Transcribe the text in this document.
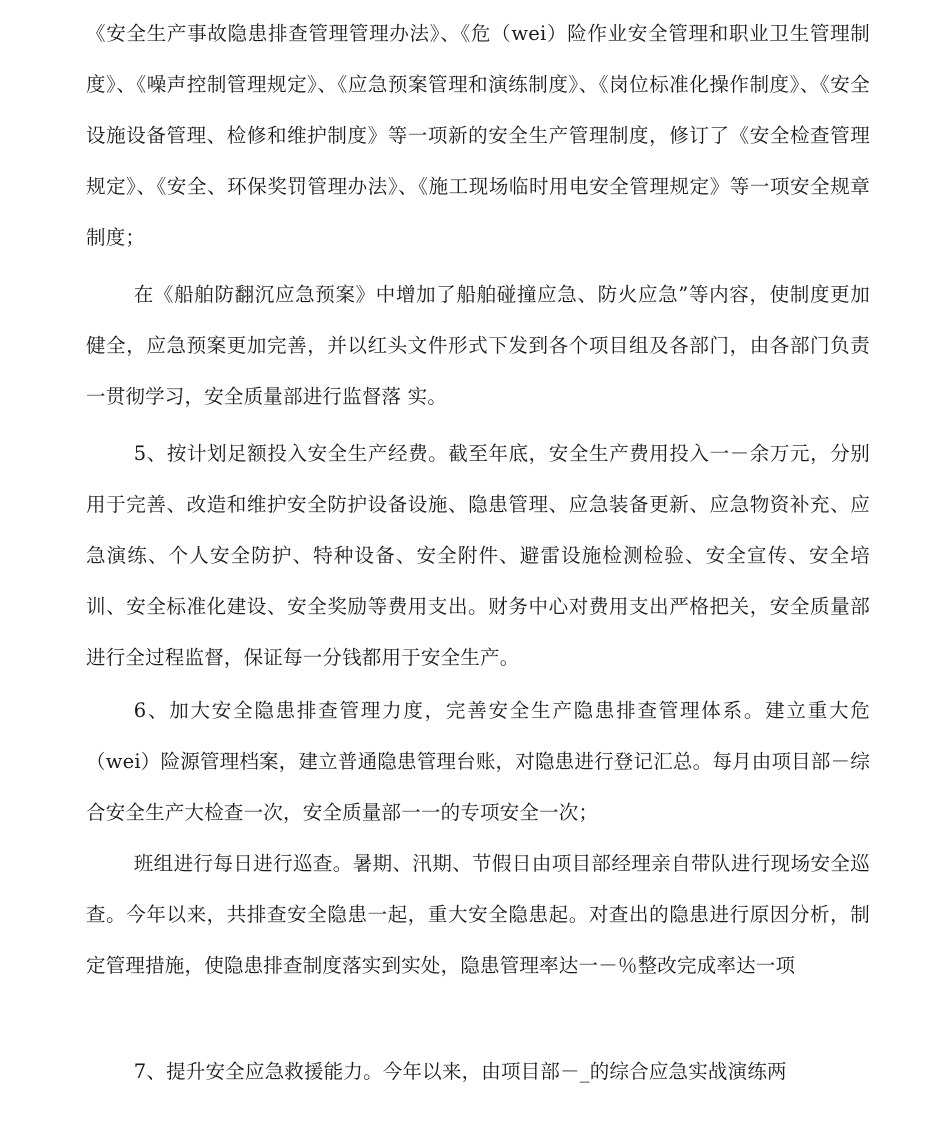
《安全生产事故隐患排查管理管理办法》、《危（wei）险作业安全管理和职业卫生管理制度》、《噪声控制管理规定》、《应急预案管理和演练制度》、《岗位标准化操作制度》、《安全设施设备管理、检修和维护制度》等一项新的安全生产管理制度，修订了《安全检查管理规定》、《安全、环保奖罚管理办法》、《施工现场临时用电安全管理规定》等一项安全规章制度；

在《船舶防翻沉应急预案》中增加了船舶碰撞应急、防火应急”等内容，使制度更加健全，应急预案更加完善，并以红头文件形式下发到各个项目组及各部门，由各部门负责一贯彻学习，安全质量部进行监督落 实。

5、按计划足额投入安全生产经费。截至年底，安全生产费用投入一－余万元，分别用于完善、改造和维护安全防护设备设施、隐患管理、应急装备更新、应急物资补充、应急演练、个人安全防护、特种设备、安全附件、避雷设施检测检验、安全宣传、安全培训、安全标准化建设、安全奖励等费用支出。财务中心对费用支出严格把关，安全质量部进行全过程监督，保证每一分钱都用于安全生产。

6、加大安全隐患排查管理力度，完善安全生产隐患排查管理体系。建立重大危（wei）险源管理档案，建立普通隐患管理台账，对隐患进行登记汇总。每月由项目部－综合安全生产大检查一次，安全质量部一一的专项安全一次；

班组进行每日进行巡查。暑期、汛期、节假日由项目部经理亲自带队进行现场安全巡查。今年以来，共排查安全隐患一起，重大安全隐患起。对查出的隐患进行原因分析，制定管理措施，使隐患排查制度落实到实处，隐患管理率达一－％整改完成率达一项

7、提升安全应急救援能力。今年以来，由项目部－_的综合应急实战演练两
